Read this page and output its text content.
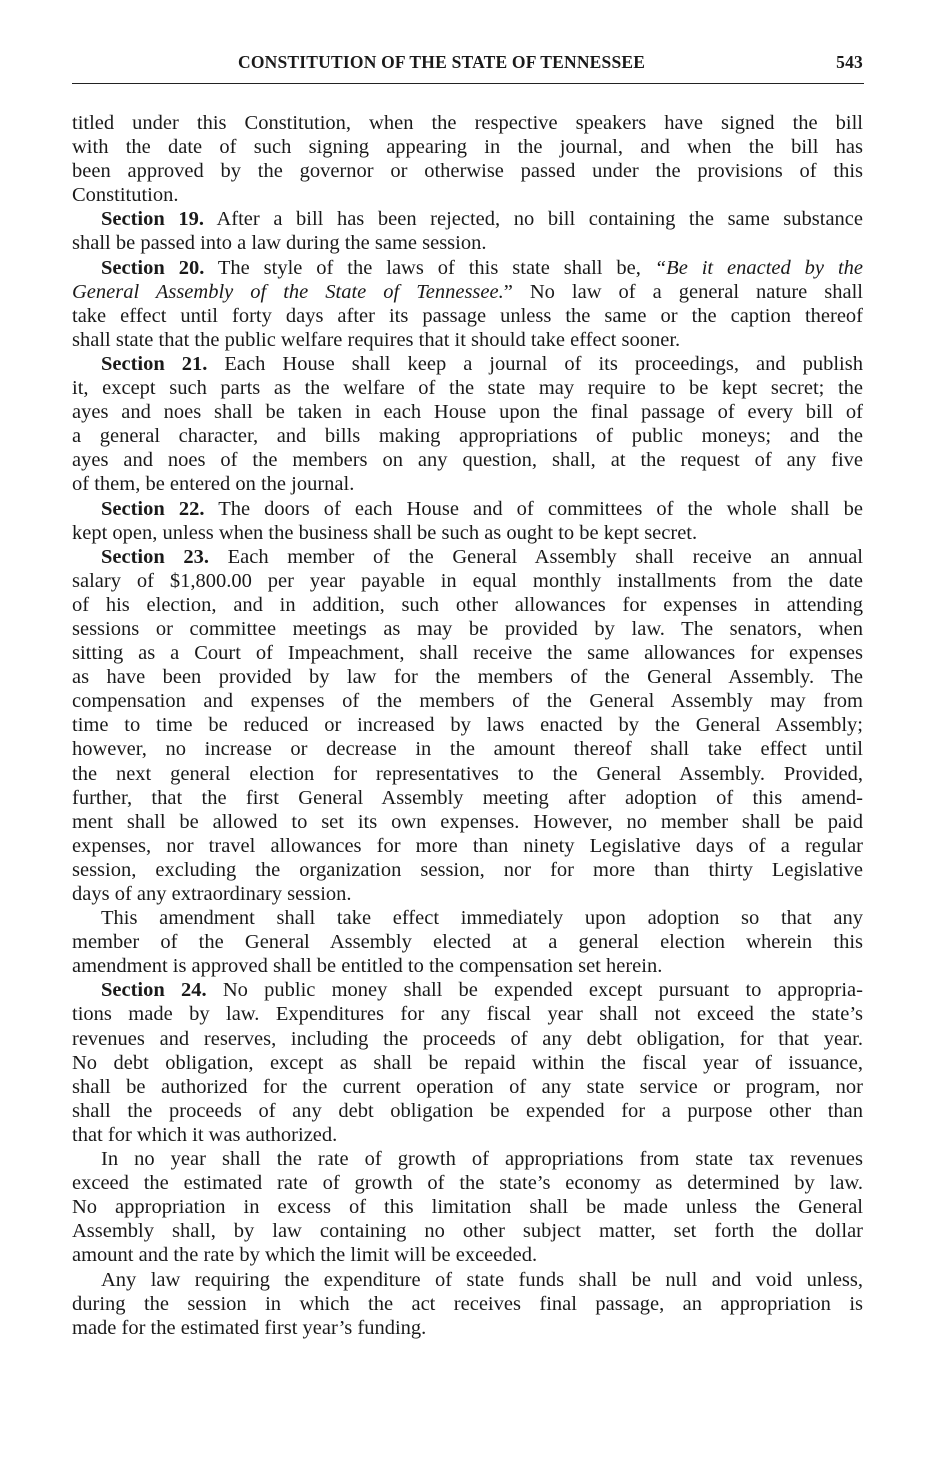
CONSTITUTION OF THE STATE OF TENNESSEE	543
titled under this Constitution, when the respective speakers have signed the bill
with the date of such signing appearing in the journal, and when the bill has
been approved by the governor or otherwise passed under the provisions of this
Constitution.
Section 19. After a bill has been rejected, no bill containing the same substance
shall be passed into a law during the same session.
Section 20. The style of the laws of this state shall be, “Be it enacted by the
General Assembly of the State of Tennessee.” No law of a general nature shall
take effect until forty days after its passage unless the same or the caption thereof
shall state that the public welfare requires that it should take effect sooner.
Section 21. Each House shall keep a journal of its proceedings, and publish
it, except such parts as the welfare of the state may require to be kept secret; the
ayes and noes shall be taken in each House upon the final passage of every bill of
a general character, and bills making appropriations of public moneys; and the
ayes and noes of the members on any question, shall, at the request of any five
of them, be entered on the journal.
Section 22. The doors of each House and of committees of the whole shall be
kept open, unless when the business shall be such as ought to be kept secret.
Section 23. Each member of the General Assembly shall receive an annual
salary of $1,800.00 per year payable in equal monthly installments from the date
of his election, and in addition, such other allowances for expenses in attending
sessions or committee meetings as may be provided by law. The senators, when
sitting as a Court of Impeachment, shall receive the same allowances for expenses
as have been provided by law for the members of the General Assembly. The
compensation and expenses of the members of the General Assembly may from
time to time be reduced or increased by laws enacted by the General Assembly;
however, no increase or decrease in the amount thereof shall take effect until
the next general election for representatives to the General Assembly. Provided,
further, that the first General Assembly meeting after adoption of this amend-
ment shall be allowed to set its own expenses. However, no member shall be paid
expenses, nor travel allowances for more than ninety Legislative days of a regular
session, excluding the organization session, nor for more than thirty Legislative
days of any extraordinary session.
This amendment shall take effect immediately upon adoption so that any
member of the General Assembly elected at a general election wherein this
amendment is approved shall be entitled to the compensation set herein.
Section 24. No public money shall be expended except pursuant to appropria-
tions made by law. Expenditures for any fiscal year shall not exceed the state’s
revenues and reserves, including the proceeds of any debt obligation, for that year.
No debt obligation, except as shall be repaid within the fiscal year of issuance,
shall be authorized for the current operation of any state service or program, nor
shall the proceeds of any debt obligation be expended for a purpose other than
that for which it was authorized.
In no year shall the rate of growth of appropriations from state tax revenues
exceed the estimated rate of growth of the state’s economy as determined by law.
No appropriation in excess of this limitation shall be made unless the General
Assembly shall, by law containing no other subject matter, set forth the dollar
amount and the rate by which the limit will be exceeded.
Any law requiring the expenditure of state funds shall be null and void unless,
during the session in which the act receives final passage, an appropriation is
made for the estimated first year’s funding.
